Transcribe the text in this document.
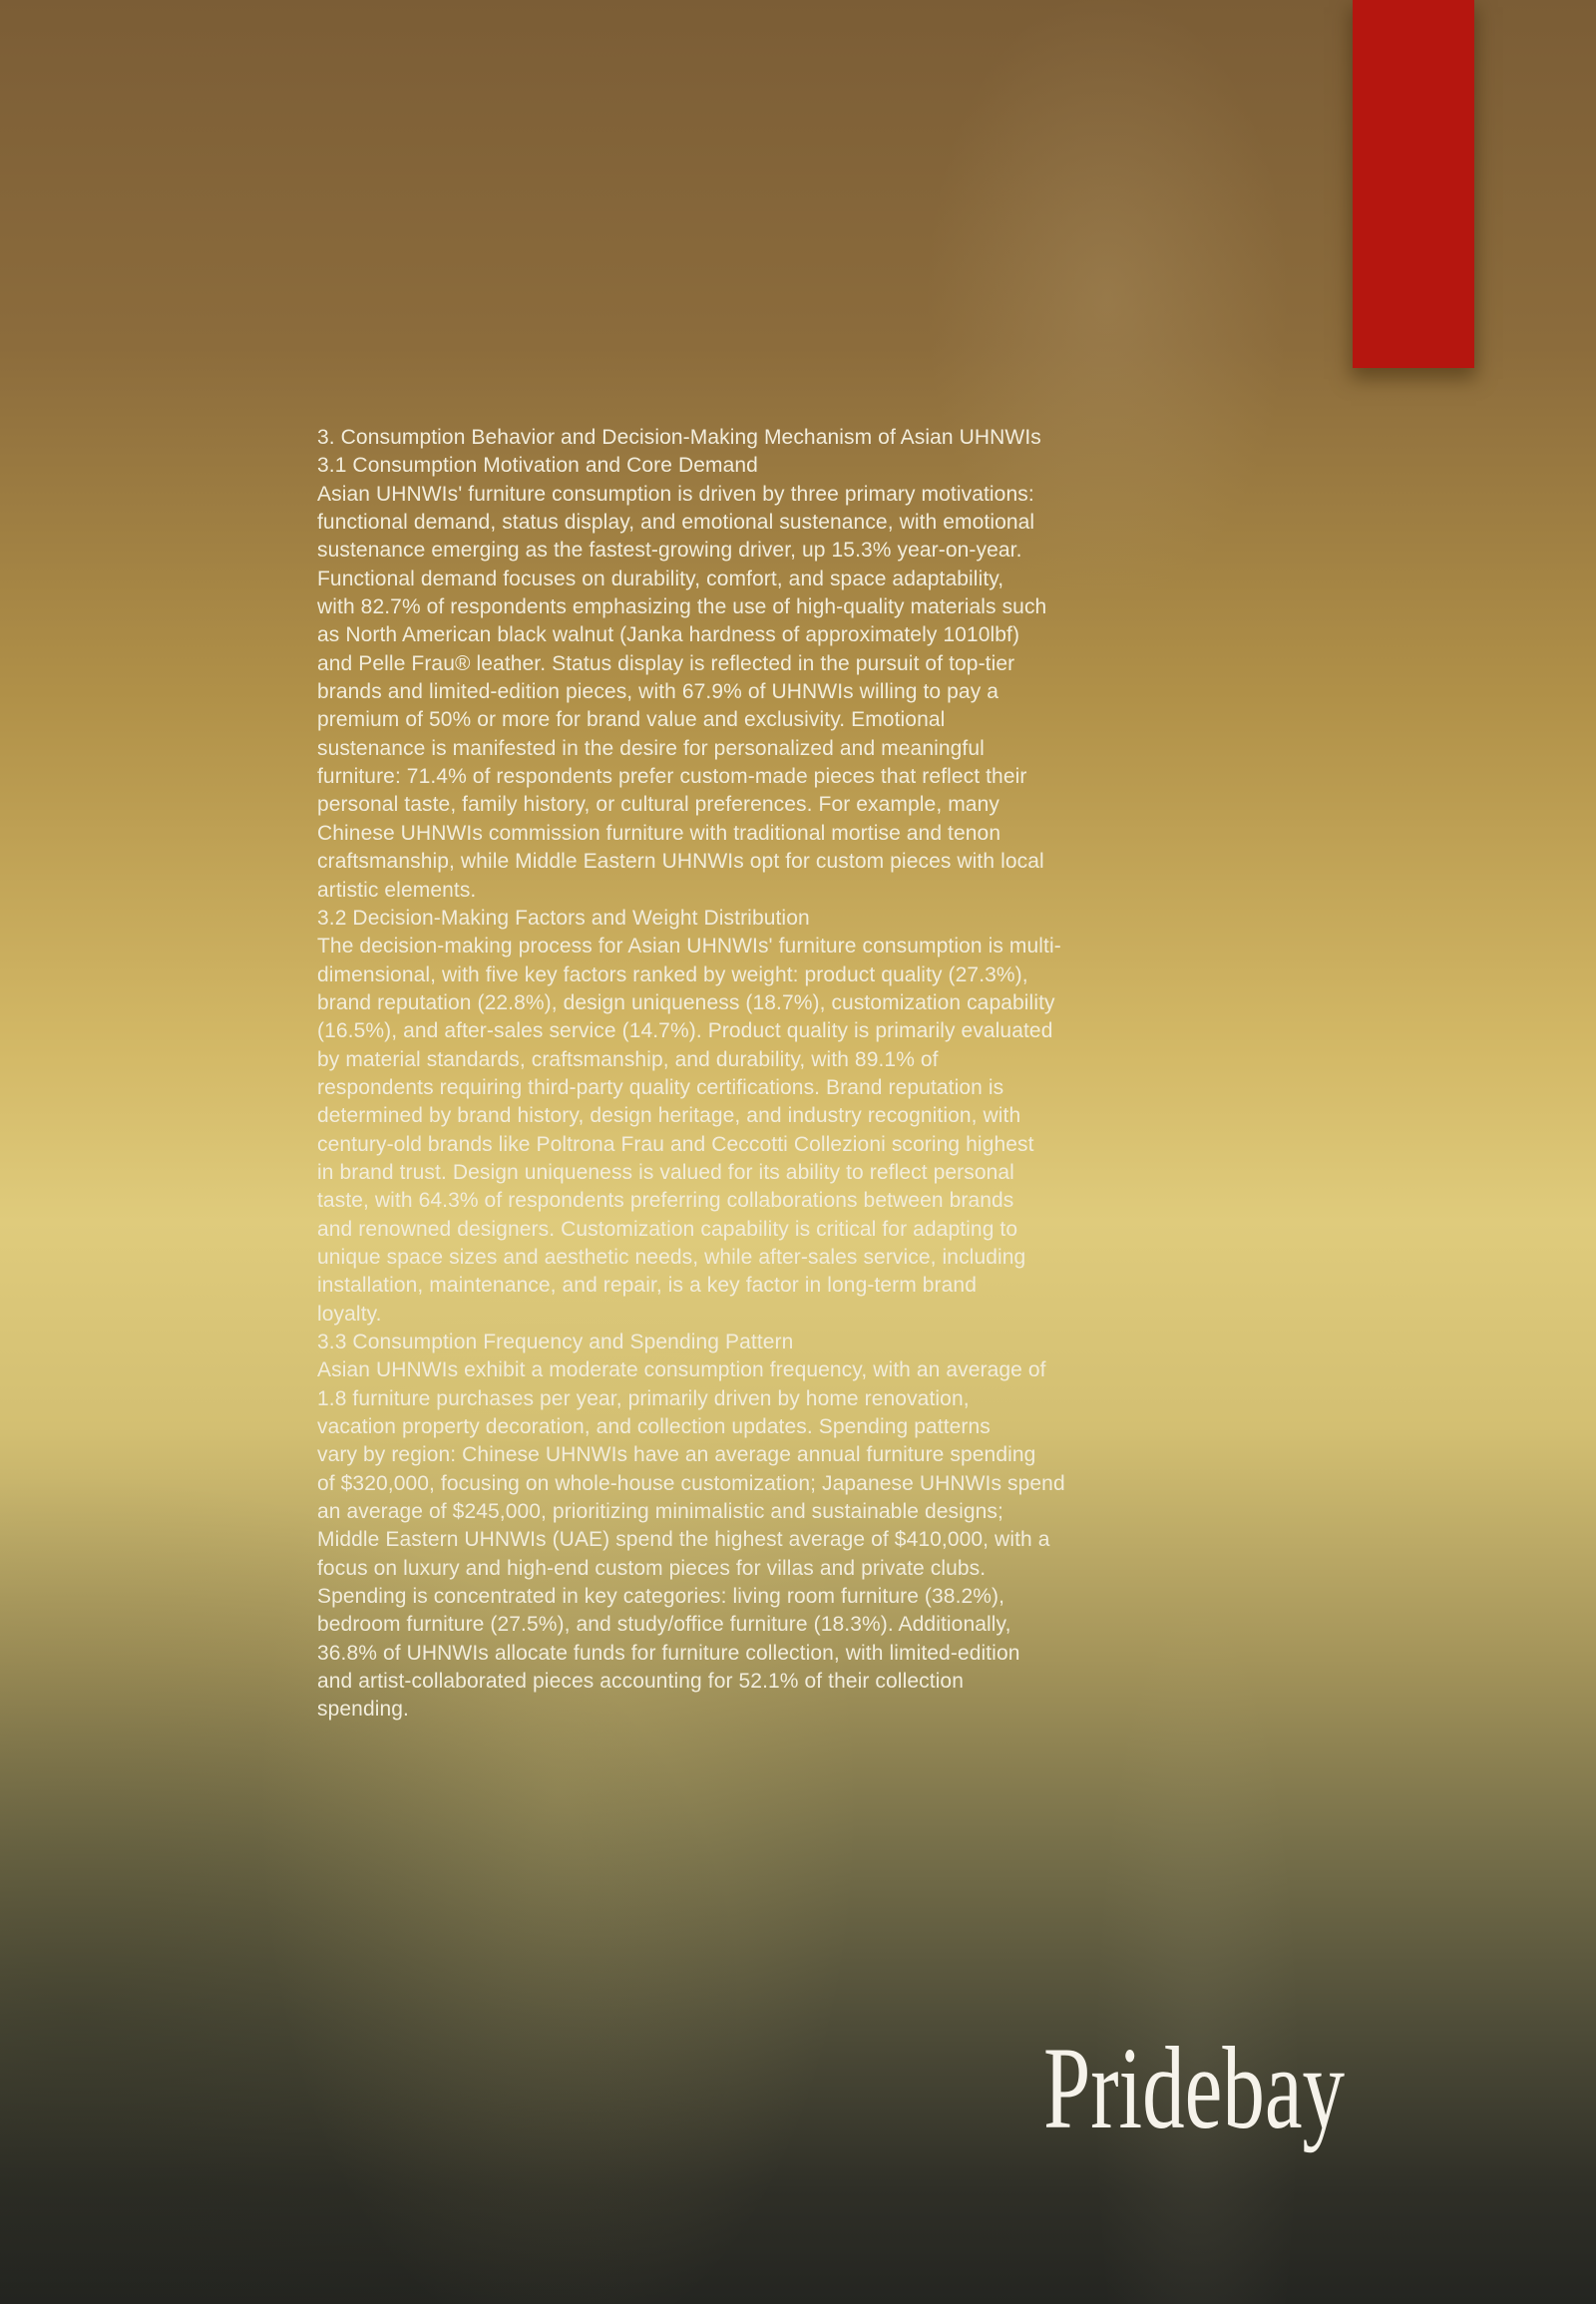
3. Consumption Behavior and Decision-Making Mechanism of Asian UHNWIs
3.1 Consumption Motivation and Core Demand
Asian UHNWIs' furniture consumption is driven by three primary motivations:
functional demand, status display, and emotional sustenance, with emotional
sustenance emerging as the fastest-growing driver, up 15.3% year-on-year.
Functional demand focuses on durability, comfort, and space adaptability,
with 82.7% of respondents emphasizing the use of high-quality materials such
as North American black walnut (Janka hardness of approximately 1010lbf)
and Pelle Frau® leather. Status display is reflected in the pursuit of top-tier
brands and limited-edition pieces, with 67.9% of UHNWIs willing to pay a
premium of 50% or more for brand value and exclusivity. Emotional
sustenance is manifested in the desire for personalized and meaningful
furniture: 71.4% of respondents prefer custom-made pieces that reflect their
personal taste, family history, or cultural preferences. For example, many
Chinese UHNWIs commission furniture with traditional mortise and tenon
craftsmanship, while Middle Eastern UHNWIs opt for custom pieces with local
artistic elements.
3.2 Decision-Making Factors and Weight Distribution
The decision-making process for Asian UHNWIs' furniture consumption is multi-
dimensional, with five key factors ranked by weight: product quality (27.3%),
brand reputation (22.8%), design uniqueness (18.7%), customization capability
(16.5%), and after-sales service (14.7%). Product quality is primarily evaluated
by material standards, craftsmanship, and durability, with 89.1% of
respondents requiring third-party quality certifications. Brand reputation is
determined by brand history, design heritage, and industry recognition, with
century-old brands like Poltrona Frau and Ceccotti Collezioni scoring highest
in brand trust. Design uniqueness is valued for its ability to reflect personal
taste, with 64.3% of respondents preferring collaborations between brands
and renowned designers. Customization capability is critical for adapting to
unique space sizes and aesthetic needs, while after-sales service, including
installation, maintenance, and repair, is a key factor in long-term brand
loyalty.
3.3 Consumption Frequency and Spending Pattern
Asian UHNWIs exhibit a moderate consumption frequency, with an average of
1.8 furniture purchases per year, primarily driven by home renovation,
vacation property decoration, and collection updates. Spending patterns
vary by region: Chinese UHNWIs have an average annual furniture spending
of $320,000, focusing on whole-house customization; Japanese UHNWIs spend
an average of $245,000, prioritizing minimalistic and sustainable designs;
Middle Eastern UHNWIs (UAE) spend the highest average of $410,000, with a
focus on luxury and high-end custom pieces for villas and private clubs.
Spending is concentrated in key categories: living room furniture (38.2%),
bedroom furniture (27.5%), and study/office furniture (18.3%). Additionally,
36.8% of UHNWIs allocate funds for furniture collection, with limited-edition
and artist-collaborated pieces accounting for 52.1% of their collection
spending.
Pridebay
